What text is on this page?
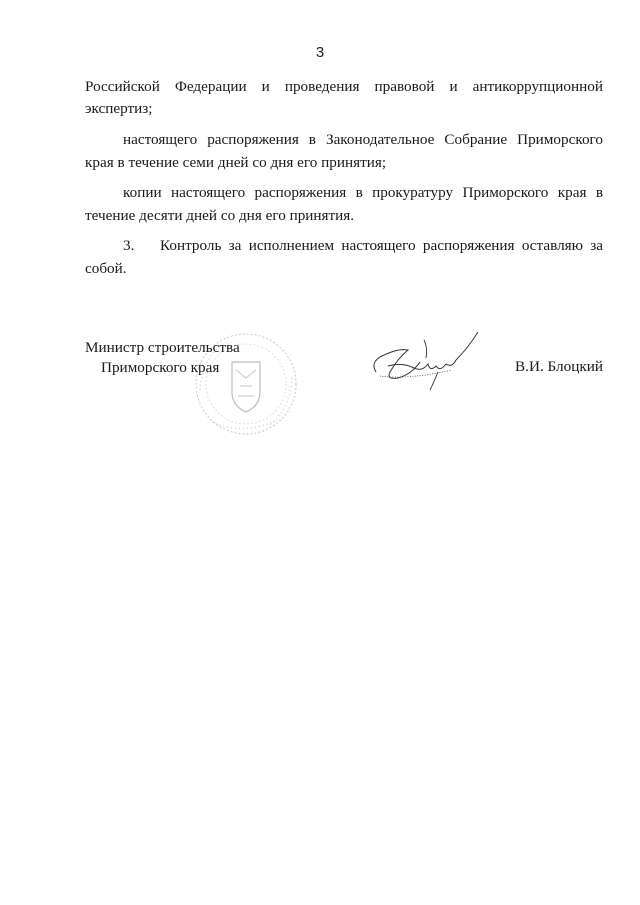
3
Российской Федерации и проведения правовой и антикоррупционной
экспертиз;
настоящего распоряжения в Законодательное Собрание Приморского
края в течение семи дней со дня его принятия;
копии настоящего распоряжения в прокуратуру Приморского края в
течение десяти дней со дня его принятия.
3. Контроль за исполнением настоящего распоряжения оставляю за
собой.
Министр строительства
Приморского края	В.И. Блоцкий
